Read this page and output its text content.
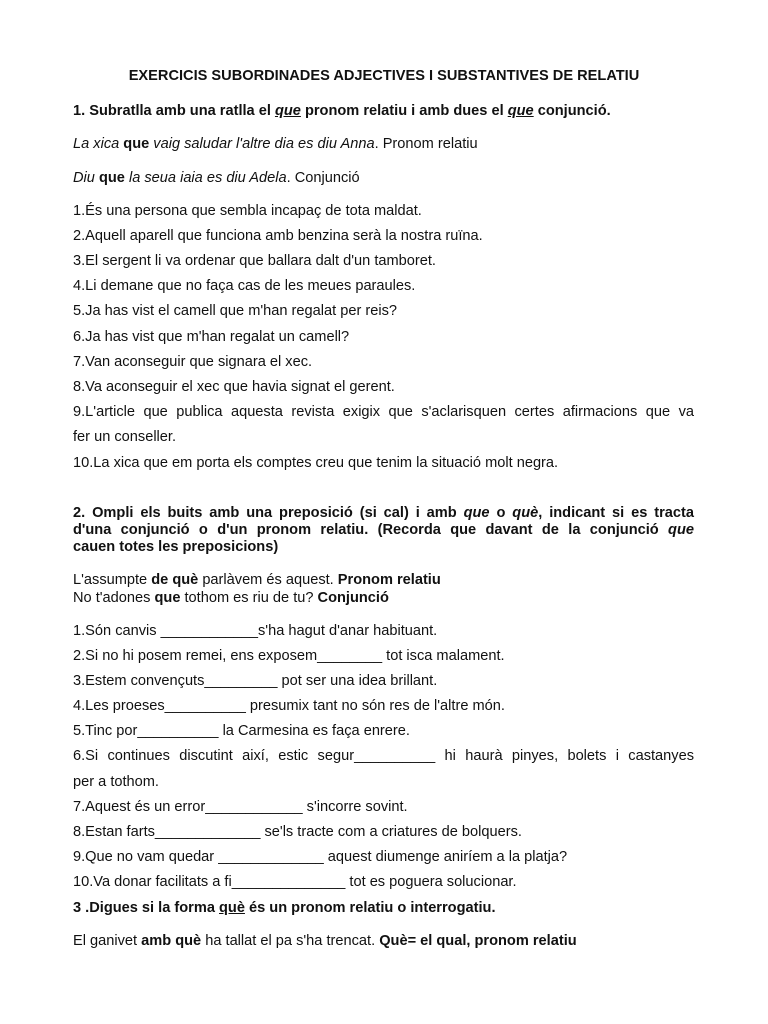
EXERCICIS SUBORDINADES ADJECTIVES I SUBSTANTIVES DE RELATIU
1. Subratlla amb una ratlla el que pronom relatiu i amb dues el que conjunció.
La xica que vaig saludar l'altre dia es diu Anna. Pronom relatiu
Diu que la seua iaia es diu Adela. Conjunció
1.És una persona que sembla incapaç de tota maldat.
2.Aquell aparell que funciona amb benzina serà la nostra ruïna.
3.El sergent li va ordenar que ballara dalt d'un tamboret.
4.Li demane que no faça cas de les meues paraules.
5.Ja has vist el camell que m'han regalat per reis?
6.Ja has vist que m'han regalat un camell?
7.Van aconseguir que signara el xec.
8.Va aconseguir el xec que havia signat el gerent.
9.L'article que publica aquesta revista exigix que s'aclarisquen certes afirmacions que va
fer un conseller.
10.La xica que em porta els comptes creu que tenim la situació molt negra.
2. Ompli els buits amb una preposició (si cal) i amb que o què, indicant si es tracta
d'una conjunció o d'un pronom relatiu. (Recorda que davant de la conjunció que
cauen totes les preposicions)
L'assumpte de què parlàvem és aquest. Pronom relatiu
No t'adones que tothom es riu de tu? Conjunció
1.Són canvis ____________s'ha hagut d'anar habituant.
2.Si no hi posem remei, ens exposem________ tot isca malament.
3.Estem convençuts_________ pot ser una idea brillant.
4.Les proeses__________ presumix tant no són res de l'altre món.
5.Tinc por__________ la Carmesina es faça enrere.
6.Si continues discutint així, estic segur__________ hi haurà pinyes, bolets i castanyes
per a tothom.
7.Aquest és un error____________ s'incorre sovint.
8.Estan farts_____________ se'ls tracte com a criatures de bolquers.
9.Que no vam quedar _____________ aquest diumenge aniríem a la platja?
10.Va donar facilitats a fi______________ tot es poguera solucionar.
3 .Digues si la forma què és un pronom relatiu o interrogatiu.
El ganivet amb què ha tallat el pa s'ha trencat. Què= el qual, pronom relatiu
